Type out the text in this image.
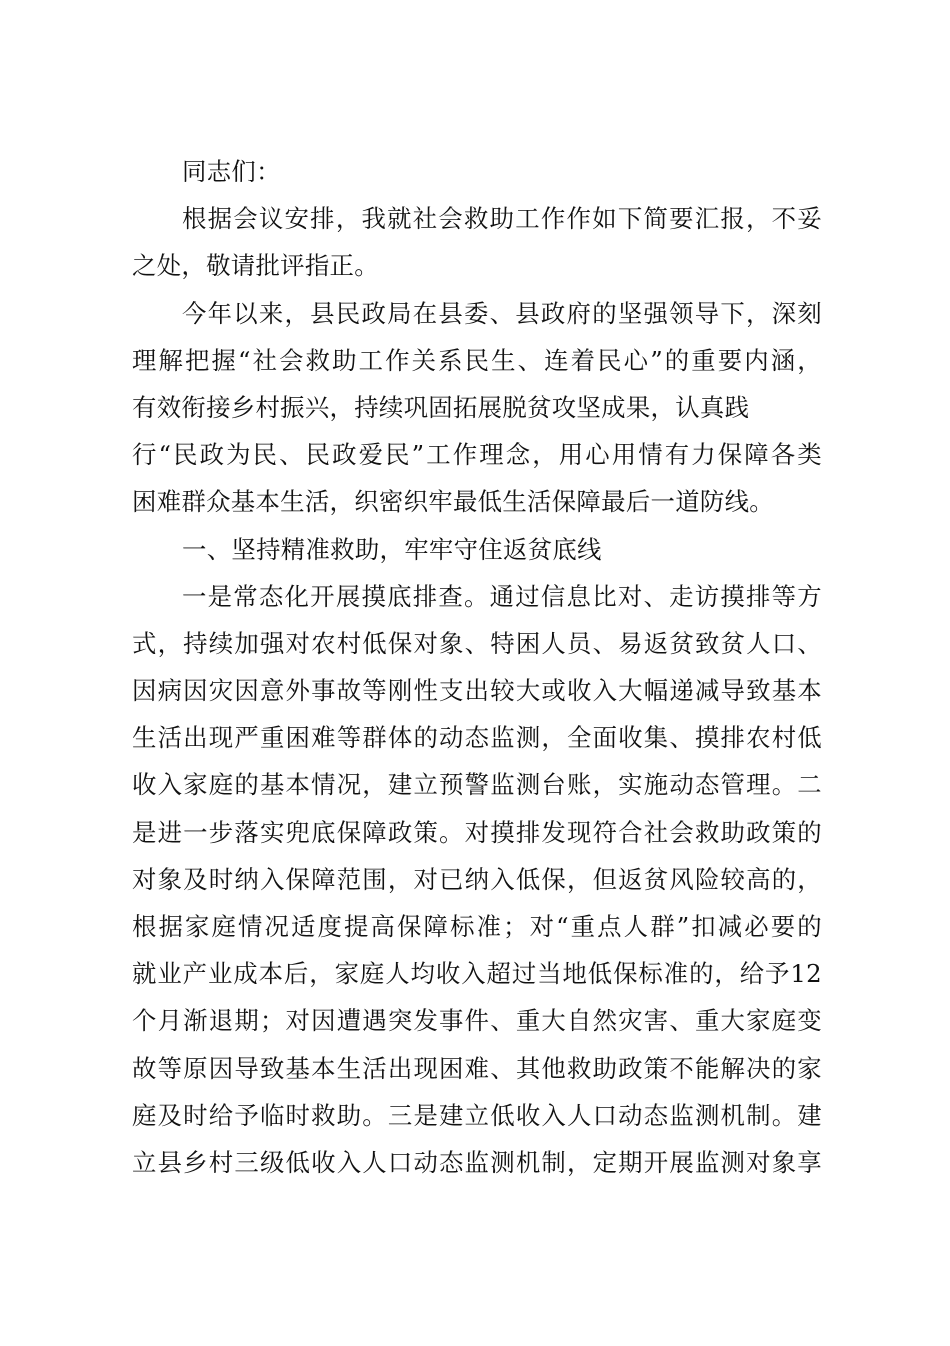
同志们：
根据会议安排，我就社会救助工作作如下简要汇报，不妥
之处，敬请批评指正。
今年以来，县民政局在县委、县政府的坚强领导下，深刻
理解把握“社会救助工作关系民生、连着民心”的重要内涵，
有效衔接乡村振兴，持续巩固拓展脱贫攻坚成果，认真践
行“民政为民、民政爱民”工作理念，用心用情有力保障各类
困难群众基本生活，织密织牢最低生活保障最后一道防线。
一、坚持精准救助，牢牢守住返贫底线
一是常态化开展摸底排查。通过信息比对、走访摸排等方
式，持续加强对农村低保对象、特困人员、易返贫致贫人口、
因病因灾因意外事故等刚性支出较大或收入大幅递减导致基本
生活出现严重困难等群体的动态监测，全面收集、摸排农村低
收入家庭的基本情况，建立预警监测台账，实施动态管理。二
是进一步落实兜底保障政策。对摸排发现符合社会救助政策的
对象及时纳入保障范围，对已纳入低保，但返贫风险较高的，
根据家庭情况适度提高保障标准；对“重点人群”扣减必要的
就业产业成本后，家庭人均收入超过当地低保标准的，给予12
个月渐退期；对因遭遇突发事件、重大自然灾害、重大家庭变
故等原因导致基本生活出现困难、其他救助政策不能解决的家
庭及时给予临时救助。三是建立低收入人口动态监测机制。建
立县乡村三级低收入人口动态监测机制，定期开展监测对象享
